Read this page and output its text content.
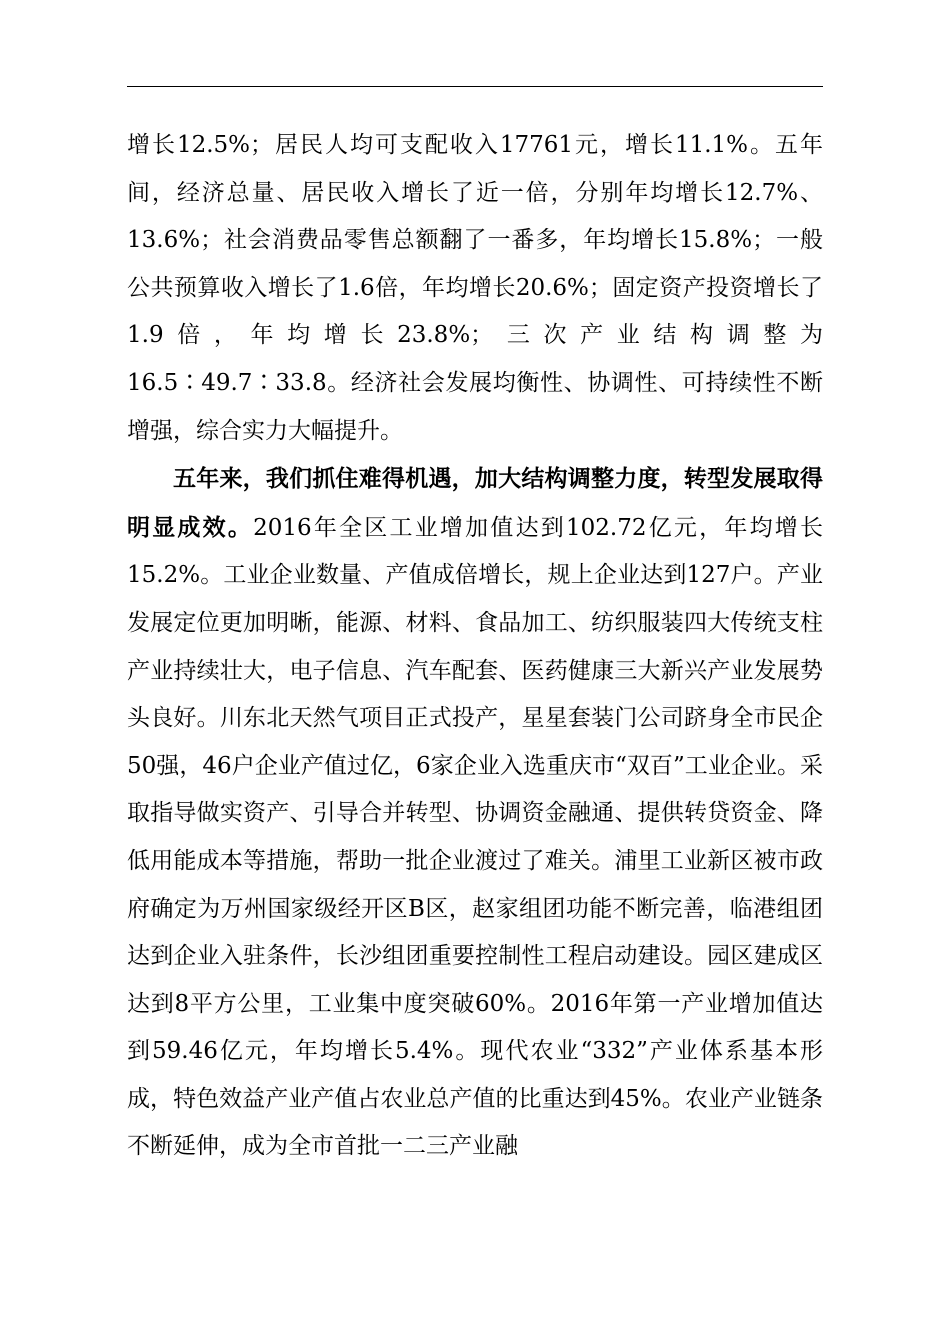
增长12.5%；居民人均可支配收入17761元，增长11.1%。五年间，经济总量、居民收入增长了近一倍，分别年均增长12.7%、13.6%；社会消费品零售总额翻了一番多，年均增长15.8%；一般公共预算收入增长了1.6倍，年均增长20.6%；固定资产投资增长了1.9倍，年均增长23.8%；三次产业结构调整为16.5∶49.7∶33.8。经济社会发展均衡性、协调性、可持续性不断增强，综合实力大幅提升。

五年来，我们抓住难得机遇，加大结构调整力度，转型发展取得明显成效。2016年全区工业增加值达到102.72亿元，年均增长15.2%。工业企业数量、产值成倍增长，规上企业达到127户。产业发展定位更加明晰，能源、材料、食品加工、纺织服装四大传统支柱产业持续壮大，电子信息、汽车配套、医药健康三大新兴产业发展势头良好。川东北天然气项目正式投产，星星套装门公司跻身全市民企50强，46户企业产值过亿，6家企业入选重庆市“双百”工业企业。采取指导做实资产、引导合并转型、协调资金融通、提供转贷资金、降低用能成本等措施，帮助一批企业渡过了难关。浦里工业新区被市政府确定为万州国家级经开区B区，赵家组团功能不断完善，临港组团达到企业入驻条件，长沙组团重要控制性工程启动建设。园区建成区达到8平方公里，工业集中度突破60%。2016年第一产业增加值达到59.46亿元，年均增长5.4%。现代农业“332”产业体系基本形成，特色效益产业产值占农业总产值的比重达到45%。农业产业链条不断延伸，成为全市首批一二三产业融
